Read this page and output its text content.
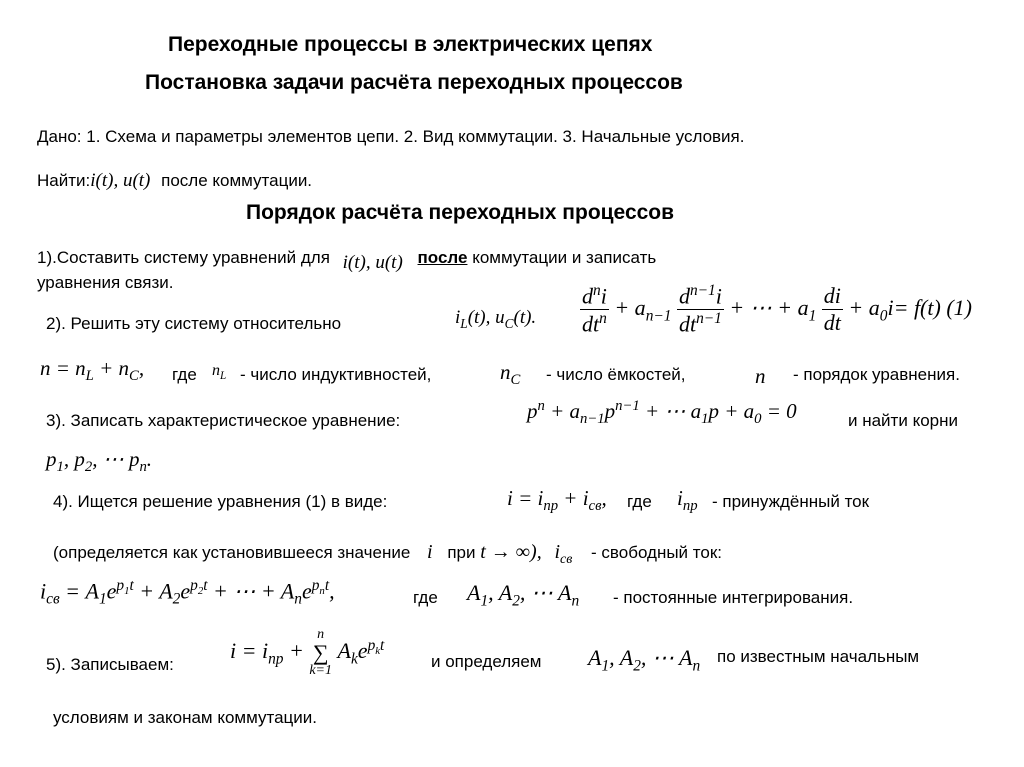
Переходные процессы в электрических цепях
Постановка задачи расчёта переходных процессов
Дано: 1. Схема и параметры элементов цепи. 2. Вид коммутации. 3. Начальные условия.
Найти:i(t), u(t) после коммутации.
Порядок расчёта переходных процессов
1).Составить систему уравнений для i(t), u(t) после коммутации и записать
уравнения связи.
2). Решить эту систему относительно	$i_L(t)$, $u_C(t)$. $\frac{d^ni}{dt^n} + a_{n-1} \frac{d^{n-1}i}{dt^{n-1}}$ + ⋯ + $a_1 \frac{di}{dt} + a_0i= f(t)$ (1)
$n = n_L + n_C$, где $n_L$ - число индуктивностей,	$n_C$ - число ёмкостей,	n - порядок уравнения.
3). Записать характеристическое уравнение:	$p^n + a_{n-1}p^{n-1}$ + ⋯ $a_1p + a_0 = 0$	и найти корни
$p_1$, $p_2$, ⋯ $p_n$.
4). Ищется решение уравнения (1) в виде:	$i = i_{пр} + i_{св}$, где $i_{пр}$ - принуждённый ток
(определяется как установившееся значение i при t → ∞), $i_{св}$ - свободный ток:
$i_{св} = A_1e^{p_1t} + A_2e^{p_2t}$ + ⋯ + $A_ne^{p_nt}$,	где $A_1$, $A_2$, ⋯ $A_n$ - постоянные интегрирования.
5). Записываем:
$i = i_{пр}$ +
n
∑
k=1
$A_ke^{p_kt}$
и определяем $A_1$, $A_2$, ⋯ $A_n$ по известным начальным
условиям и законам коммутации.
